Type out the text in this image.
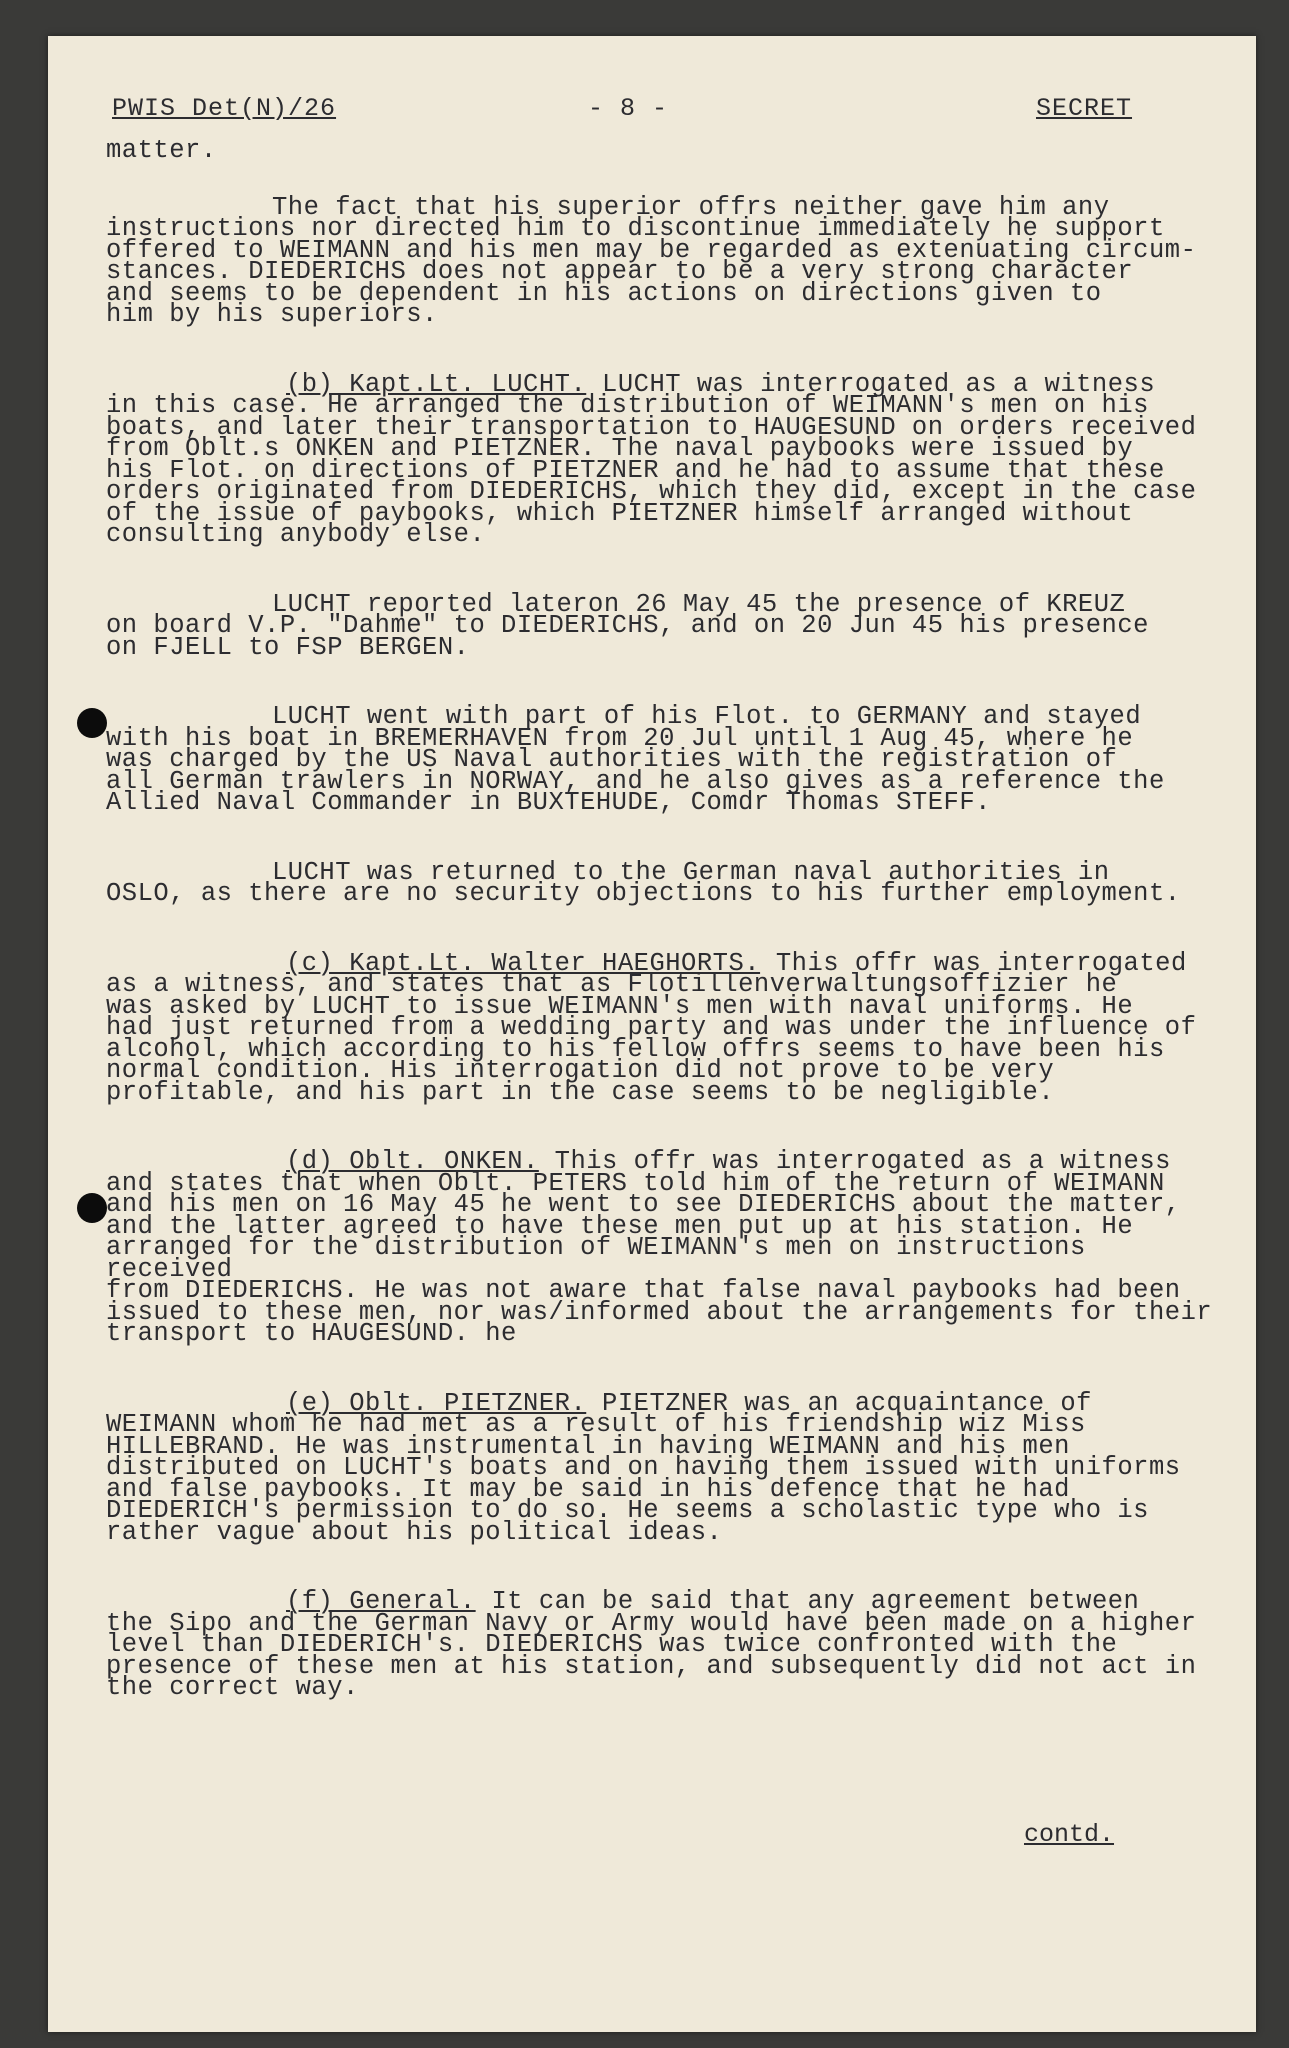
PWIS Det(N)/26	- 8 -	SECRET

matter.

The fact that his superior offrs neither gave him any
instructions nor directed him to discontinue immediately he support
offered to WEIMANN and his men may be regarded as extenuating circum-
stances. DIEDERICHS does not appear to be a very strong character
and seems to be dependent in his actions on directions given to
him by his superiors.

(b) Kapt.Lt. LUCHT. LUCHT was interrogated as a witness
in this case. He arranged the distribution of WEIMANN's men on his
boats, and later their transportation to HAUGESUND on orders received
from Oblt.s ONKEN and PIETZNER. The naval paybooks were issued by
his Flot. on directions of PIETZNER and he had to assume that these
orders originated from DIEDERICHS, which they did, except in the case
of the issue of paybooks, which PIETZNER himself arranged without
consulting anybody else.

LUCHT reported lateron 26 May 45 the presence of KREUZ
on board V.P. "Dahme" to DIEDERICHS, and on 20 Jun 45 his presence
on FJELL to FSP BERGEN.

LUCHT went with part of his Flot. to GERMANY and stayed
with his boat in BREMERHAVEN from 20 Jul until 1 Aug 45, where he
was charged by the US Naval authorities with the registration of
all German trawlers in NORWAY, and he also gives as a reference the
Allied Naval Commander in BUXTEHUDE, Comdr Thomas STEFF.

LUCHT was returned to the German naval authorities in
OSLO, as there are no security objections to his further employment.

(c) Kapt.Lt. Walter HAEGHORTS. This offr was interrogated
as a witness, and states that as Flotillenverwaltungsoffizier he
was asked by LUCHT to issue WEIMANN's men with naval uniforms. He
had just returned from a wedding party and was under the influence of
alcohol, which according to his fellow offrs seems to have been his
normal condition. His interrogation did not prove to be very
profitable, and his part in the case seems to be negligible.

(d) Oblt. ONKEN. This offr was interrogated as a witness
and states that when Oblt. PETERS told him of the return of WEIMANN
and his men on 16 May 45 he went to see DIEDERICHS about the matter,
and the latter agreed to have these men put up at his station. He
arranged for the distribution of WEIMANN's men on instructions received
from DIEDERICHS. He was not aware that false naval paybooks had been
issued to these men, nor was/informed about the arrangements for their
transport to HAUGESUND. he

(e) Oblt. PIETZNER. PIETZNER was an acquaintance of
WEIMANN whom he had met as a result of his friendship wiz Miss
HILLEBRAND. He was instrumental in having WEIMANN and his men
distributed on LUCHT's boats and on having them issued with uniforms
and false paybooks. It may be said in his defence that he had
DIEDERICH's permission to do so. He seems a scholastic type who is
rather vague about his political ideas.

(f) General. It can be said that any agreement between
the Sipo and the German Navy or Army would have been made on a higher
level than DIEDERICH's. DIEDERICHS was twice confronted with the
presence of these men at his station, and subsequently did not act in
the correct way.

contd.
